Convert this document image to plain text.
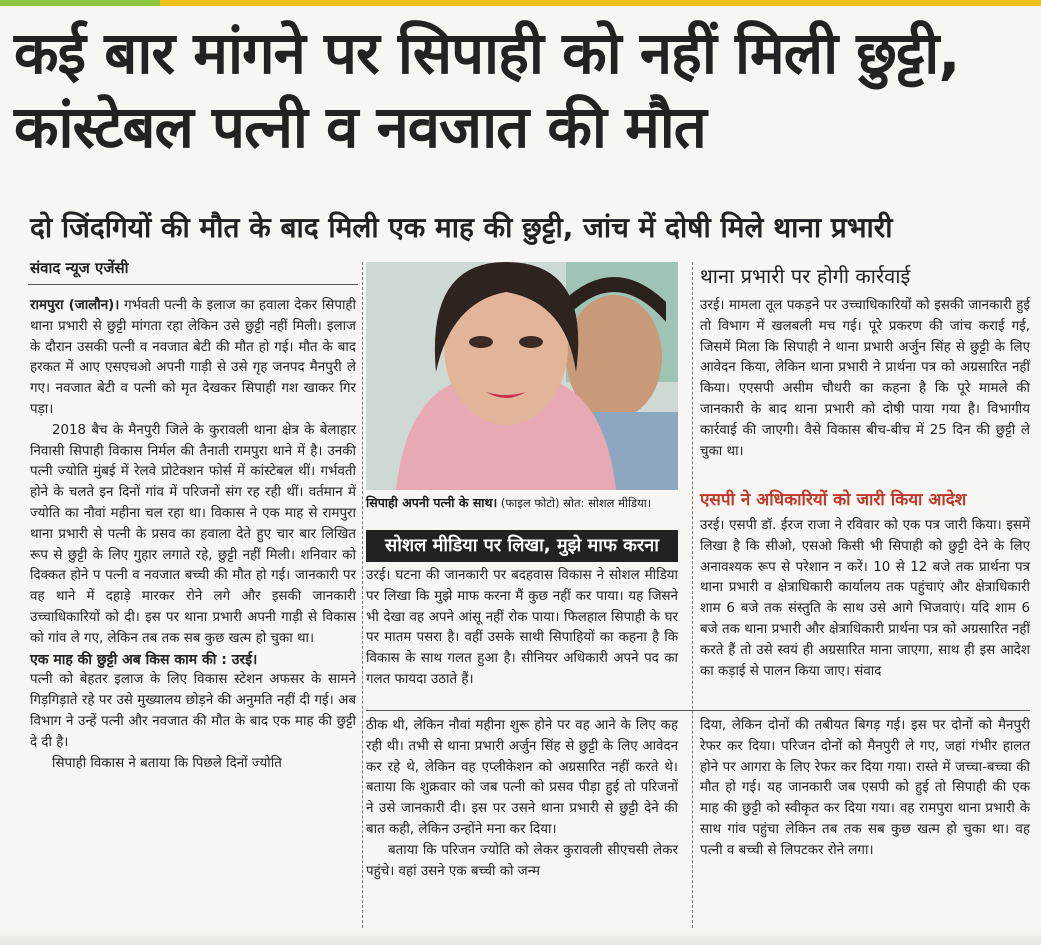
कई बार मांगने पर सिपाही को नहीं मिली छुट्टी, कांस्टेबल पत्नी व नवजात की मौत
दो जिंदगियों की मौत के बाद मिली एक माह की छुट्टी, जांच में दोषी मिले थाना प्रभारी
संवाद न्यूज एजेंसी

रामपुरा (जालौन)। गर्भवती पत्नी के इलाज का हवाला देकर सिपाही थाना प्रभारी से छुट्टी मांगता रहा लेकिन उसे छुट्टी नहीं मिली। इलाज के दौरान उसकी पत्नी व नवजात बेटी की मौत हो गई। मौत के बाद हरकत में आए एसएचओ अपनी गाड़ी से उसे गृह जनपद मैनपुरी ले गए। नवजात बेटी व पत्नी को मृत देखकर सिपाही गश खाकर गिर पड़ा।

2018 बैच के मैनपुरी जिले के कुरावली थाना क्षेत्र के बेलाहार निवासी सिपाही विकास निर्मल की तैनाती रामपुरा थाने में है। उनकी पत्नी ज्योति मुंबई में रेलवे प्रोटेक्शन फोर्स में कांस्टेबल थीं। गर्भवती होने के चलते इन दिनों गांव में परिजनों संग रह रही थीं। वर्तमान में ज्योति का नौवां महीना चल रहा था। विकास ने एक माह से रामपुरा थाना प्रभारी से पत्नी के प्रसव का हवाला देते हुए चार बार लिखित रूप से छुट्टी के लिए गुहार लगाते रहे, छुट्टी नहीं मिली। शनिवार को दिक्कत होने प पत्नी व नवजात बच्ची की मौत हो गई। जानकारी पर वह थाने में दहाड़े मारकर रोने लगे और इसकी जानकारी उच्चाधिकारियों को दी। इस पर थाना प्रभारी अपनी गाड़ी से विकास को गांव ले गए, लेकिन तब तक सब कुछ खत्म हो चुका था।

एक माह की छुट्टी अब किस काम की : उरई।

पत्नी को बेहतर इलाज के लिए विकास स्टेशन अफसर के सामने गिड़गिड़ाते रहे पर उसे मुख्यालय छोड़ने की अनुमति नहीं दी गई। अब विभाग ने उन्हें पत्नी और नवजात की मौत के बाद एक माह की छुट्टी दे दी है।

सिपाही विकास ने बताया कि पिछले दिनों ज्योति

सिपाही अपनी पत्नी के साथ। (फाइल फोटो) स्रोत: सोशल मीडिया।
सोशल मीडिया पर लिखा, मुझे माफ करना

उरई। घटना की जानकारी पर बदहवास विकास ने सोशल मीडिया पर लिखा कि मुझे माफ करना मैं कुछ नहीं कर पाया। यह जिसने भी देखा वह अपने आंसू नहीं रोक पाया। फिलहाल सिपाही के घर पर मातम पसरा है। वहीं उसके साथी सिपाहियों का कहना है कि विकास के साथ गलत हुआ है। सीनियर अधिकारी अपने पद का गलत फायदा उठाते हैं।

थाना प्रभारी पर होगी कार्रवाई

उरई। मामला तूल पकड़ने पर उच्चाधिकारियों को इसकी जानकारी हुई तो विभाग में खलबली मच गई। पूरे प्रकरण की जांच कराई गई, जिसमें मिला कि सिपाही ने थाना प्रभारी अर्जुन सिंह से छुट्टी के लिए आवेदन किया, लेकिन थाना प्रभारी ने प्रार्थना पत्र को अग्रसारित नहीं किया। एएसपी असीम चौधरी का कहना है कि पूरे मामले की जानकारी के बाद थाना प्रभारी को दोषी पाया गया है। विभागीय कार्रवाई की जाएगी। वैसे विकास बीच-बीच में 25 दिन की छुट्टी ले चुका था।

एसपी ने अधिकारियों को जारी किया आदेश

उरई। एसपी डॉ. ईरज राजा ने रविवार को एक पत्र जारी किया। इसमें लिखा है कि सीओ, एसओ किसी भी सिपाही को छुट्टी देने के लिए अनावश्यक रूप से परेशान न करें। 10 से 12 बजे तक प्रार्थना पत्र थाना प्रभारी व क्षेत्राधिकारी कार्यालय तक पहुंचाएं और क्षेत्राधिकारी शाम 6 बजे तक संस्तुति के साथ उसे आगे भिजवाएं। यदि शाम 6 बजे तक थाना प्रभारी और क्षेत्राधिकारी प्रार्थना पत्र को अग्रसारित नहीं करते हैं तो उसे स्वयं ही अग्रसारित माना जाएगा, साथ ही इस आदेश का कड़ाई से पालन किया जाए। संवाद

ठीक थी, लेकिन नौवां महीना शुरू होने पर वह आने के लिए कह रही थी। तभी से थाना प्रभारी अर्जुन सिंह से छुट्टी के लिए आवेदन कर रहे थे, लेकिन वह एप्लीकेशन को अग्रसारित नहीं करते थे। बताया कि शुक्रवार को जब पत्नी को प्रसव पीड़ा हुई तो परिजनों ने उसे जानकारी दी। इस पर उसने थाना प्रभारी से छुट्टी देने की बात कही, लेकिन उन्होंने मना कर दिया।

बताया कि परिजन ज्योति को लेकर कुरावली सीएचसी लेकर पहुंचे। वहां उसने एक बच्ची को जन्म

दिया, लेकिन दोनों की तबीयत बिगड़ गई। इस पर दोनों को मैनपुरी रेफर कर दिया। परिजन दोनों को मैनपुरी ले गए, जहां गंभीर हालत होने पर आगरा के लिए रेफर कर दिया गया। रास्ते में जच्चा-बच्चा की मौत हो गई। यह जानकारी जब एसपी को हुई तो सिपाही की एक माह की छुट्टी को स्वीकृत कर दिया गया। वह रामपुरा थाना प्रभारी के साथ गांव पहुंचा लेकिन तब तक सब कुछ खत्म हो चुका था। वह पत्नी व बच्ची से लिपटकर रोने लगा।
